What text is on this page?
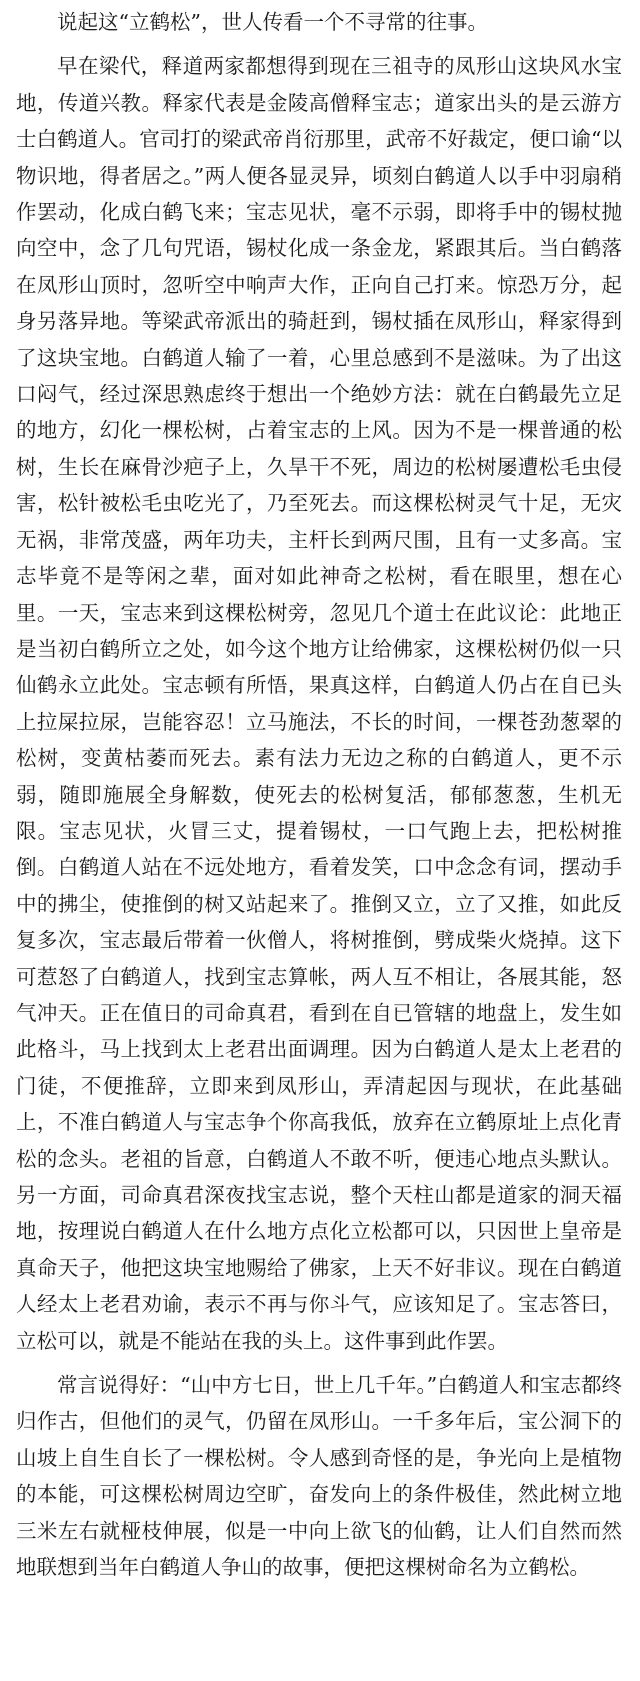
说起这“立鹤松”，世人传看一个不寻常的往事。

早在梁代，释道两家都想得到现在三祖寺的凤形山这块风水宝地，传道兴教。释家代表是金陵高僧释宝志；道家出头的是云游方士白鹤道人。官司打的梁武帝肖衍那里，武帝不好裁定，便口谕“以物识地，得者居之。”两人便各显灵异，顷刻白鹤道人以手中羽扇稍作罢动，化成白鹤飞来；宝志见状，毫不示弱，即将手中的锡杖抛向空中，念了几句咒语，锡杖化成一条金龙，紧跟其后。当白鹤落在凤形山顶时，忽听空中响声大作，正向自己打来。惊恐万分，起身另落异地。等梁武帝派出的骑赶到，锡杖插在凤形山，释家得到了这块宝地。白鹤道人输了一着，心里总感到不是滋味。为了出这口闷气，经过深思熟虑终于想出一个绝妙方法：就在白鹤最先立足的地方，幻化一棵松树，占着宝志的上风。因为不是一棵普通的松树，生长在麻骨沙疤子上，久旱干不死，周边的松树屡遭松毛虫侵害，松针被松毛虫吃光了，乃至死去。而这棵松树灵气十足，无灾无祸，非常茂盛，两年功夫，主杆长到两尺围，且有一丈多高。宝志毕竟不是等闲之辈，面对如此神奇之松树，看在眼里，想在心里。一天，宝志来到这棵松树旁，忽见几个道士在此议论：此地正是当初白鹤所立之处，如今这个地方让给佛家，这棵松树仍似一只仙鹤永立此处。宝志顿有所悟，果真这样，白鹤道人仍占在自已头上拉屎拉尿，岂能容忍！立马施法，不长的时间，一棵苍劲葱翠的松树，变黄枯萎而死去。素有法力无边之称的白鹤道人，更不示弱，随即施展全身解数，使死去的松树复活，郁郁葱葱，生机无限。宝志见状，火冒三丈，提着锡杖，一口气跑上去，把松树推倒。白鹤道人站在不远处地方，看着发笑，口中念念有词，摆动手中的拂尘，使推倒的树又站起来了。推倒又立，立了又推，如此反复多次，宝志最后带着一伙僧人，将树推倒，劈成柴火烧掉。这下可惹怒了白鹤道人，找到宝志算帐，两人互不相让，各展其能，怒气冲天。正在值日的司命真君，看到在自已管辖的地盘上，发生如此格斗，马上找到太上老君出面调理。因为白鹤道人是太上老君的门徒，不便推辞，立即来到凤形山，弄清起因与现状，在此基础上，不准白鹤道人与宝志争个你高我低，放弃在立鹤原址上点化青松的念头。老祖的旨意，白鹤道人不敢不听，便违心地点头默认。另一方面，司命真君深夜找宝志说，整个天柱山都是道家的洞天福地，按理说白鹤道人在什么地方点化立松都可以，只因世上皇帝是真命天子，他把这块宝地赐给了佛家，上天不好非议。现在白鹤道人经太上老君劝谕，表示不再与你斗气，应该知足了。宝志答曰，立松可以，就是不能站在我的头上。这件事到此作罢。

常言说得好：“山中方七日，世上几千年。”白鹤道人和宝志都终归作古，但他们的灵气，仍留在凤形山。一千多年后，宝公洞下的山坡上自生自长了一棵松树。令人感到奇怪的是，争光向上是植物的本能，可这棵松树周边空旷，奋发向上的条件极佳，然此树立地三米左右就桠枝伸展，似是一中向上欲飞的仙鹤，让人们自然而然地联想到当年白鹤道人争山的故事，便把这棵树命名为立鹤松。
